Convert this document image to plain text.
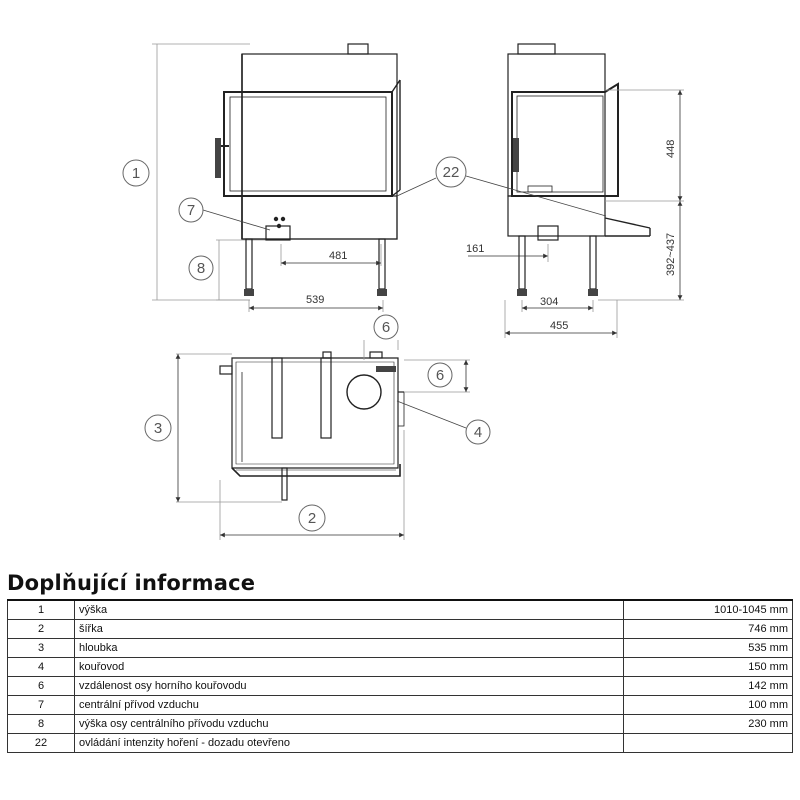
481
539	304
455
161
448
392~437
1
7
8
22
6
6
3	4
2
Doplňující informace
1	výška	1010-1045 mm
2	šířka	746 mm
3	hloubka	535 mm
4	kouřovod	150 mm
6	vzdálenost osy horního kouřovodu	142 mm
7	centrální přívod vzduchu	100 mm
8	výška osy centrálního přívodu vzduchu	230 mm
22	ovládání intenzity hoření - dozadu otevřeno	
